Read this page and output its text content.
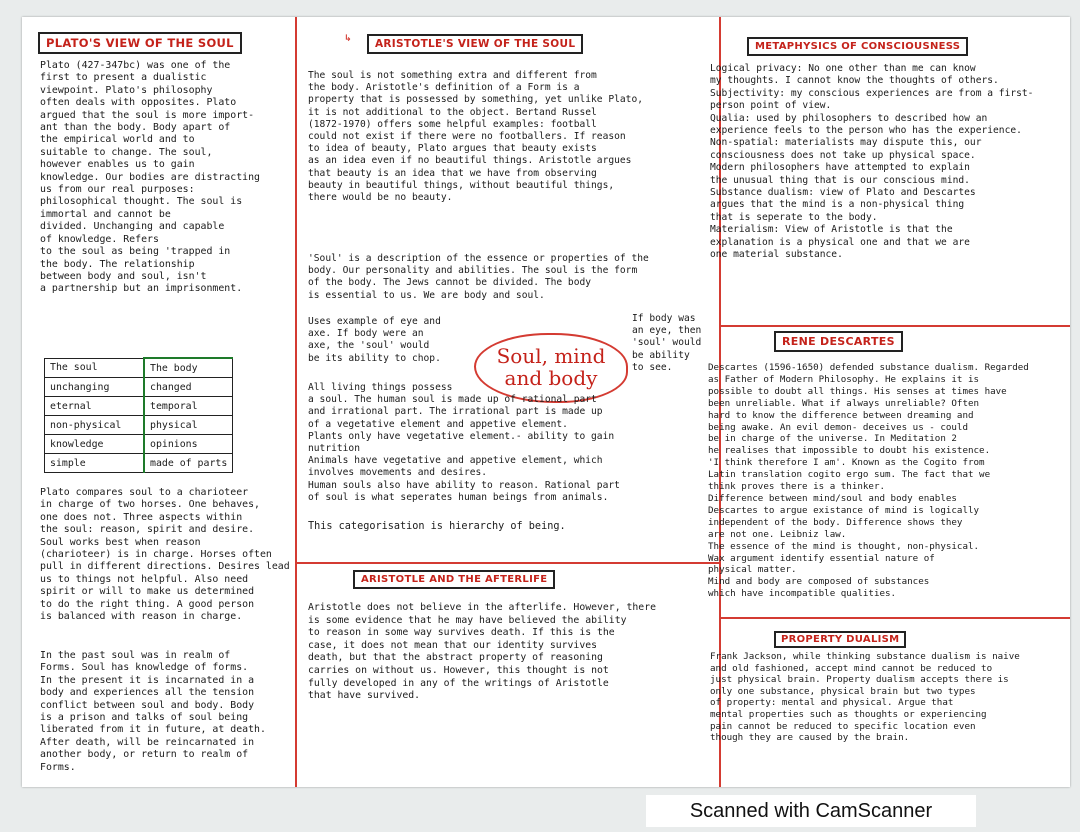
PLATO'S VIEW OF THE SOUL
Plato (427-347bc) was one of the
first to present a dualistic
viewpoint. Plato's philosophy
often deals with opposites. Plato
argued that the soul is more import-
ant than the body. Body apart of
the empirical world and to
suitable to change. The soul,
however enables us to gain
knowledge. Our bodies are distracting
us from our real purposes:
philosophical thought. The soul is
immortal and cannot be
divided. Unchanging and capable
of knowledge. Refers
to the soul as being 'trapped in
the body. The relationship
between body and soul, isn't
a partnership but an imprisonment.
The soul	The body
unchanging	changed
eternal	temporal
non-physical	physical
knowledge	opinions
simple	made of parts
Plato compares soul to a charioteer
in charge of two horses. One behaves,
one does not. Three aspects within
the soul: reason, spirit and desire.
Soul works best when reason
(charioteer) is in charge. Horses often
pull in different directions. Desires lead
us to things not helpful. Also need
spirit or will to make us determined
to do the right thing. A good person
is balanced with reason in charge.
In the past soul was in realm of
Forms. Soul has knowledge of forms.
In the present it is incarnated in a
body and experiences all the tension
conflict between soul and body. Body
is a prison and talks of soul being
liberated from it in future, at death.
After death, will be reincarnated in
another body, or return to realm of
Forms.
↳	ARISTOTLE'S VIEW OF THE SOUL
The soul is not something extra and different from
the body. Aristotle's definition of a Form is a
property that is possessed by something, yet unlike Plato,
it is not additional to the object. Bertand Russel
(1872-1970) offers some helpful examples: football
could not exist if there were no footballers. If reason
to idea of beauty, Plato argues that beauty exists
as an idea even if no beautiful things. Aristotle argues
that beauty is an idea that we have from observing
beauty in beautiful things, without beautiful things,
there would be no beauty.
'Soul' is a description of the essence or properties of the
body. Our personality and abilities. The soul is the form
of the body. The Jews cannot be divided. The body
is essential to us. We are body and soul.
Uses example of eye and
axe. If body were an
axe, the 'soul' would
be its ability to chop.	Soul, mind
and body
If body was
an eye, then
'soul' would
be ability
to see.
All living things possess
a soul. The human soul is made up of rational part
and irrational part. The irrational part is made up
of a vegetative element and appetive element.
Plants only have vegetative element.- ability to gain
nutrition
Animals have vegetative and appetive element, which
involves movements and desires.
Human souls also have ability to reason. Rational part
of soul is what seperates human beings from animals.
This categorisation is hierarchy of being.
ARISTOTLE AND THE AFTERLIFE
Aristotle does not believe in the afterlife. However, there
is some evidence that he may have believed the ability
to reason in some way survives death. If this is the
case, it does not mean that our identity survives
death, but that the abstract property of reasoning
carries on without us. However, this thought is not
fully developed in any of the writings of Aristotle
that have survived.
METAPHYSICS OF CONSCIOUSNESS
Logical privacy: No one other than me can know
my thoughts. I cannot know the thoughts of others.
Subjectivity: my conscious experiences are from a first-
person point of view.
Qualia: used by philosophers to described how an
experience feels to the person who has the experience.
Non-spatial: materialists may dispute this, our
consciousness does not take up physical space.
Modern philosophers have attempted to explain
the unusual thing that is our conscious mind.
Substance dualism: view of Plato and Descartes
argues that the mind is a non-physical thing
that is seperate to the body.
Materialism: View of Aristotle is that the
explanation is a physical one and that we are
one material substance.
RENE DESCARTES
Descartes (1596-1650) defended substance dualism. Regarded
as Father of Modern Philosophy. He explains it is
possible to doubt all things. His senses at times have
been unreliable. What if always unreliable? Often
hard to know the difference between dreaming and
being awake. An evil demon- deceives us - could
be in charge of the universe. In Meditation 2
he realises that impossible to doubt his existence.
'I think therefore I am'. Known as the Cogito from
Latin translation cogito ergo sum. The fact that we
think proves there is a thinker.
Difference between mind/soul and body enables
Descartes to argue existance of mind is logically
independent of the body. Difference shows they
are not one. Leibniz law.
The essence of the mind is thought, non-physical.
Wax argument identify essential nature of
physical matter.
Mind and body are composed of substances
which have incompatible qualities.
PROPERTY DUALISM
Frank Jackson, while thinking substance dualism is naive
and old fashioned, accept mind cannot be reduced to
just physical brain. Property dualism accepts there is
only one substance, physical brain but two types
of property: mental and physical. Argue that
mental properties such as thoughts or experiencing
pain cannot be reduced to specific location even
though they are caused by the brain.
Scanned with CamScanner
